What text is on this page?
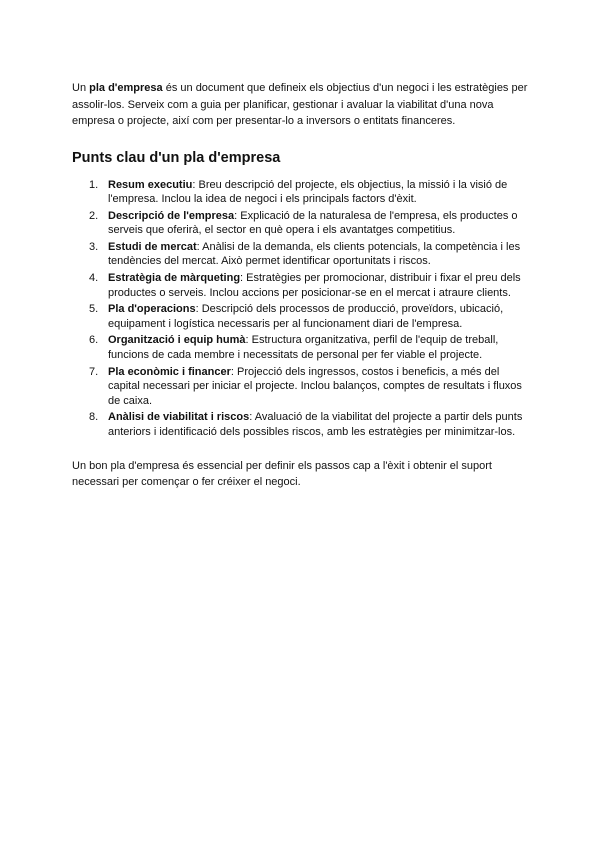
Un pla d'empresa és un document que defineix els objectius d'un negoci i les estratègies per assolir-los. Serveix com a guia per planificar, gestionar i avaluar la viabilitat d'una nova empresa o projecte, així com per presentar-lo a inversors o entitats financeres.

Punts clau d'un pla d'empresa
1. Resum executiu: Breu descripció del projecte, els objectius, la missió i la visió de l'empresa. Inclou la idea de negoci i els principals factors d'èxit.
2. Descripció de l'empresa: Explicació de la naturalesa de l'empresa, els productes o serveis que oferirà, el sector en què opera i els avantatges competitius.
3. Estudi de mercat: Anàlisi de la demanda, els clients potencials, la competència i les tendències del mercat. Això permet identificar oportunitats i riscos.
4. Estratègia de màrqueting: Estratègies per promocionar, distribuir i fixar el preu dels productes o serveis. Inclou accions per posicionar-se en el mercat i atraure clients.
5. Pla d'operacions: Descripció dels processos de producció, proveïdors, ubicació, equipament i logística necessaris per al funcionament diari de l'empresa.
6. Organització i equip humà: Estructura organitzativa, perfil de l'equip de treball, funcions de cada membre i necessitats de personal per fer viable el projecte.
7. Pla econòmic i financer: Projecció dels ingressos, costos i beneficis, a més del capital necessari per iniciar el projecte. Inclou balanços, comptes de resultats i fluxos de caixa.
8. Anàlisi de viabilitat i riscos: Avaluació de la viabilitat del projecte a partir dels punts anteriors i identificació dels possibles riscos, amb les estratègies per minimitzar-los.

Un bon pla d'empresa és essencial per definir els passos cap a l'èxit i obtenir el suport necessari per començar o fer créixer el negoci.
